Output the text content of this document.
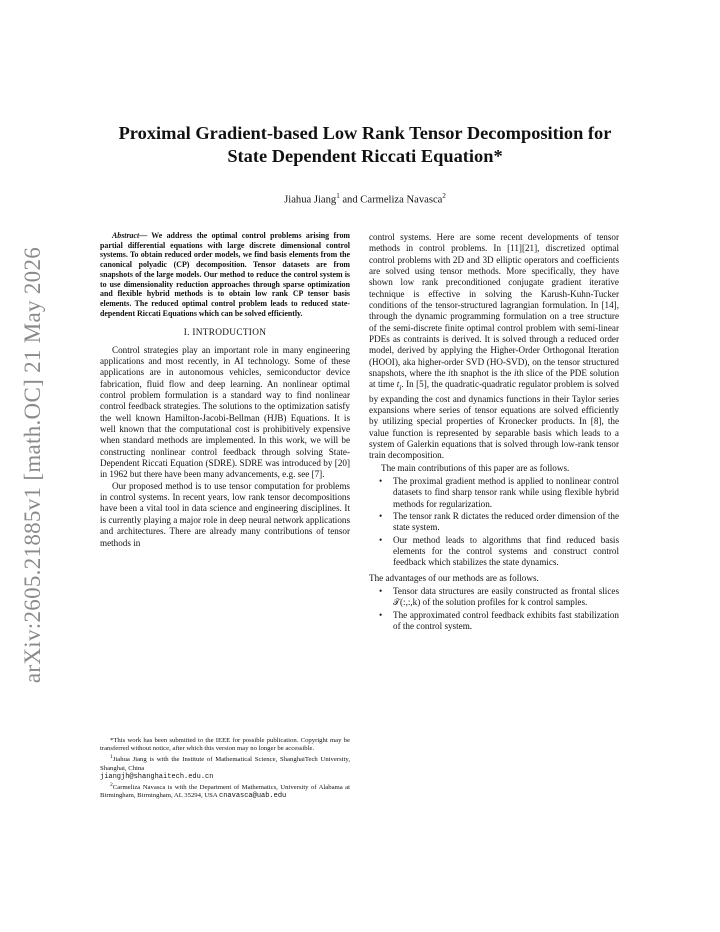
arXiv:2605.21885v1 [math.OC] 21 May 2026
Proximal Gradient-based Low Rank Tensor Decomposition for
State Dependent Riccati Equation*
Jiahua Jiang$^1$ and Carmeliza Navasca$^2$

Abstract— We address the optimal control problems arising from partial differential equations with large discrete dimensional control systems. To obtain reduced order models, we find basis elements from the canonical polyadic (CP) decomposition. Tensor datasets are from snapshots of the large models. Our method to reduce the control system is to use dimensionality reduction approaches through sparse optimization and flexible hybrid methods is to obtain low rank CP tensor basis elements. The reduced optimal control problem leads to reduced state-dependent Riccati Equations which can be solved efficiently.

I. INTRODUCTION

Control strategies play an important role in many engineering applications and most recently, in AI technology. Some of these applications are in autonomous vehicles, semiconductor device fabrication, fluid flow and deep learning. An nonlinear optimal control problem formulation is a standard way to find nonlinear control feedback strategies. The solutions to the optimization satisfy the well known Hamilton-Jacobi-Bellman (HJB) Equations. It is well known that the computational cost is prohibitively expensive when standard methods are implemented. In this work, we will be constructing nonlinear control feedback through solving State-Dependent Riccati Equation (SDRE). SDRE was introduced by [20] in 1962 but there have been many advancements, e.g. see [7].

Our proposed method is to use tensor computation for problems in control systems. In recent years, low rank tensor decompositions have been a vital tool in data science and engineering disciplines. It is currently playing a major role in deep neural network applications and architectures. There are already many contributions of tensor methods in

*This work has been submitted to the IEEE for possible publication. Copyright may be transferred without notice, after which this version may no longer be accessible.

$^1$Jiahua Jiang is with the Institute of Mathematical Science, ShanghaiTech University, Shanghai, China
jiangjh@shanghaitech.edu.cn

$^2$Carmeliza Navasca is with the Department of Mathematics, University of Alabama at Birmingham, Birmingham, AL 35294, USA cnavasca@uab.edu

control systems. Here are some recent developments of tensor methods in control problems. In [11][21], discretized optimal control problems with 2D and 3D elliptic operators and coefficients are solved using tensor methods. More specifically, they have shown low rank preconditioned conjugate gradient iterative technique is effective in solving the Karush-Kuhn-Tucker conditions of the tensor-structured lagrangian formulation. In [14], through the dynamic programming formulation on a tree structure of the semi-discrete finite optimal control problem with semi-linear PDEs as contraints is derived. It is solved through a reduced order model, derived by applying the Higher-Order Orthogonal Iteration (HOOI), aka higher-order SVD (HO-SVD), on the tensor structured snapshots, where the ith snaphot is the ith slice of the PDE solution at time $t_i$. In [5], the quadratic-quadratic regulator problem is solved by expanding the cost and dynamics functions in their Taylor series expansions where series of tensor equations are solved efficiently by utilizing special properties of Kronecker products. In [8], the value function is represented by separable basis which leads to a system of Galerkin equations that is solved through low-rank tensor train decomposition.

The main contributions of this paper are as follows.

• The proximal gradient method is applied to nonlinear control datasets to find sharp tensor rank while using flexible hybrid methods for regularization.
• The tensor rank R dictates the reduced order dimension of the state system.
• Our method leads to algorithms that find reduced basis elements for the control systems and construct control feedback which stabilizes the state dynamics.

The advantages of our methods are as follows.

• Tensor data structures are easily constructed as frontal slices 𝒯(:,:,k) of the solution profiles for k control samples.
• The approximated control feedback exhibits fast stabilization of the control system.
